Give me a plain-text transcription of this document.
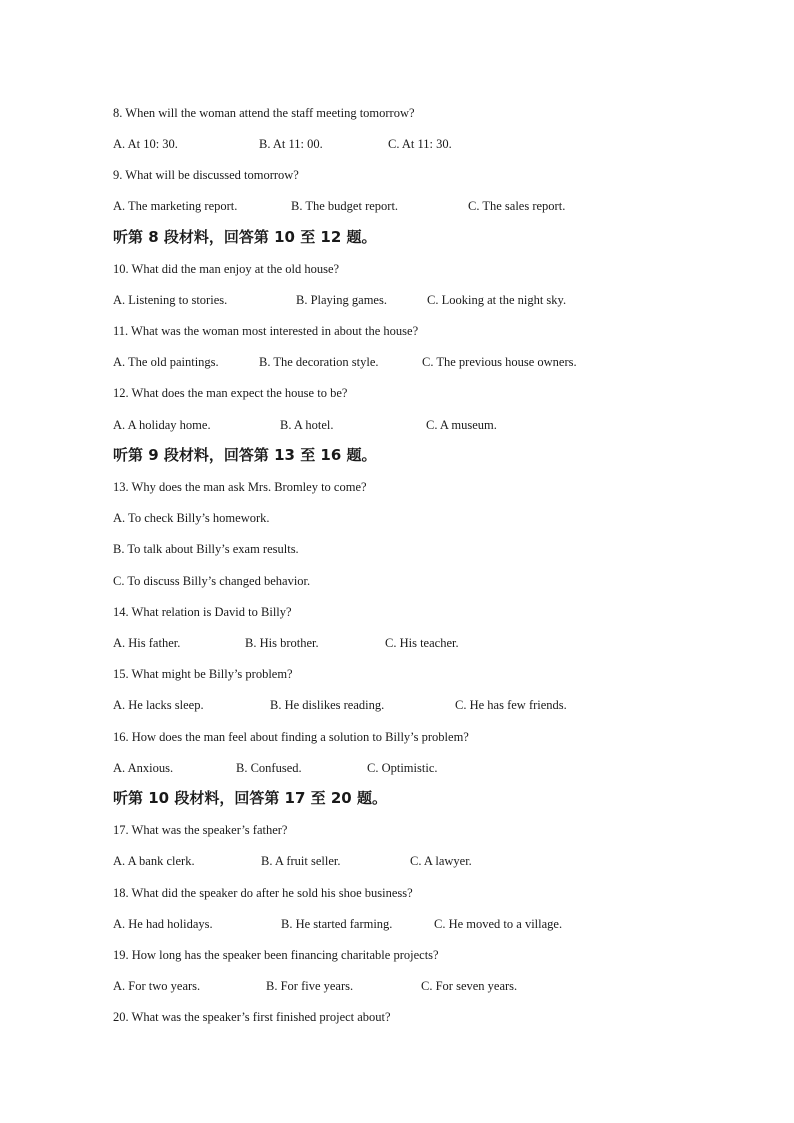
8. When will the woman attend the staff meeting tomorrow?
A. At 10: 30.	B. At 11: 00.	C. At 11: 30.
9. What will be discussed tomorrow?
A. The marketing report.	B. The budget report.	C. The sales report.
听第 8 段材料，回答第 10 至 12 题。
10. What did the man enjoy at the old house?
A. Listening to stories.	B. Playing games.	C. Looking at the night sky.
11. What was the woman most interested in about the house?
A. The old paintings.	B. The decoration style.	C. The previous house owners.
12. What does the man expect the house to be?
A. A holiday home.	B. A hotel.	C. A museum.
听第 9 段材料，回答第 13 至 16 题。
13. Why does the man ask Mrs. Bromley to come?
A. To check Billy’s homework.
B. To talk about Billy’s exam results.
C. To discuss Billy’s changed behavior.
14. What relation is David to Billy?
A. His father.	B. His brother.	C. His teacher.
15. What might be Billy’s problem?
A. He lacks sleep.	B. He dislikes reading.	C. He has few friends.
16. How does the man feel about finding a solution to Billy’s problem?
A. Anxious.	B. Confused.	C. Optimistic.
听第 10 段材料，回答第 17 至 20 题。
17. What was the speaker’s father?
A. A bank clerk.	B. A fruit seller.	C. A lawyer.
18. What did the speaker do after he sold his shoe business?
A. He had holidays.	B. He started farming.	C. He moved to a village.
19. How long has the speaker been financing charitable projects?
A. For two years.	B. For five years.	C. For seven years.
20. What was the speaker’s first finished project about?
